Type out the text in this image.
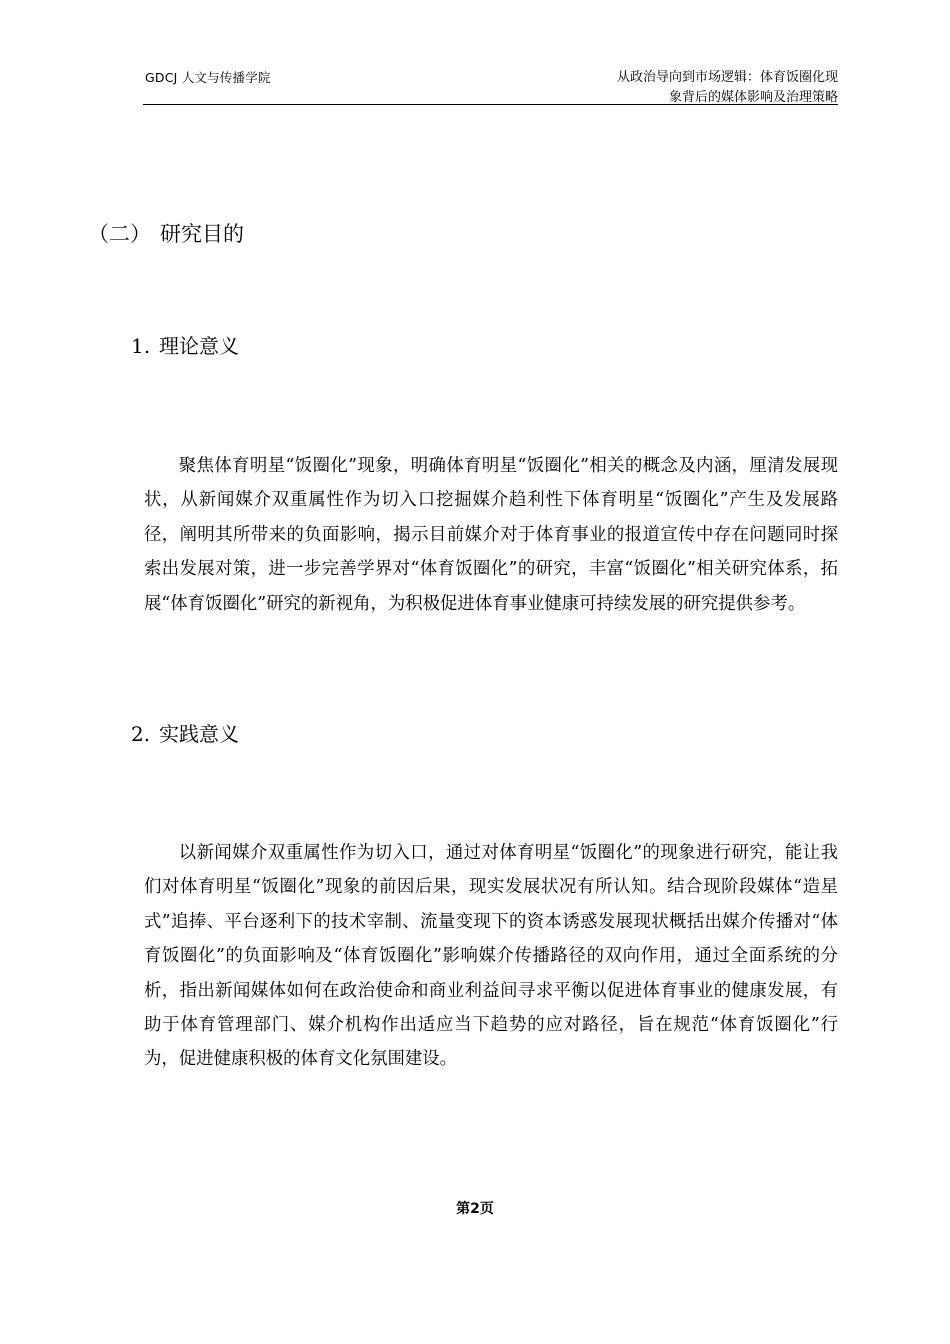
GDCJ 人文与传播学院	从政治导向到市场逻辑：体育饭圈化现
象背后的媒体影响及治理策略
（二） 研究目的
1. 理论意义

聚焦体育明星“饭圈化”现象，明确体育明星“饭圈化”相关的概念及内涵，厘清发展现状，从新闻媒介双重属性作为切入口挖掘媒介趋利性下体育明星“饭圈化”产生及发展路径，阐明其所带来的负面影响，揭示目前媒介对于体育事业的报道宣传中存在问题同时探索出发展对策，进一步完善学界对“体育饭圈化”的研究，丰富“饭圈化”相关研究体系，拓展“体育饭圈化”研究的新视角，为积极促进体育事业健康可持续发展的研究提供参考。

2. 实践意义

以新闻媒介双重属性作为切入口，通过对体育明星“饭圈化”的现象进行研究，能让我们对体育明星“饭圈化”现象的前因后果，现实发展状况有所认知。结合现阶段媒体“造星式”追捧、平台逐利下的技术宰制、流量变现下的资本诱惑发展现状概括出媒介传播对“体育饭圈化”的负面影响及“体育饭圈化”影响媒介传播路径的双向作用，通过全面系统的分析，指出新闻媒体如何在政治使命和商业利益间寻求平衡以促进体育事业的健康发展，有助于体育管理部门、媒介机构作出适应当下趋势的应对路径，旨在规范“体育饭圈化”行为，促进健康积极的体育文化氛围建设。

第2页
